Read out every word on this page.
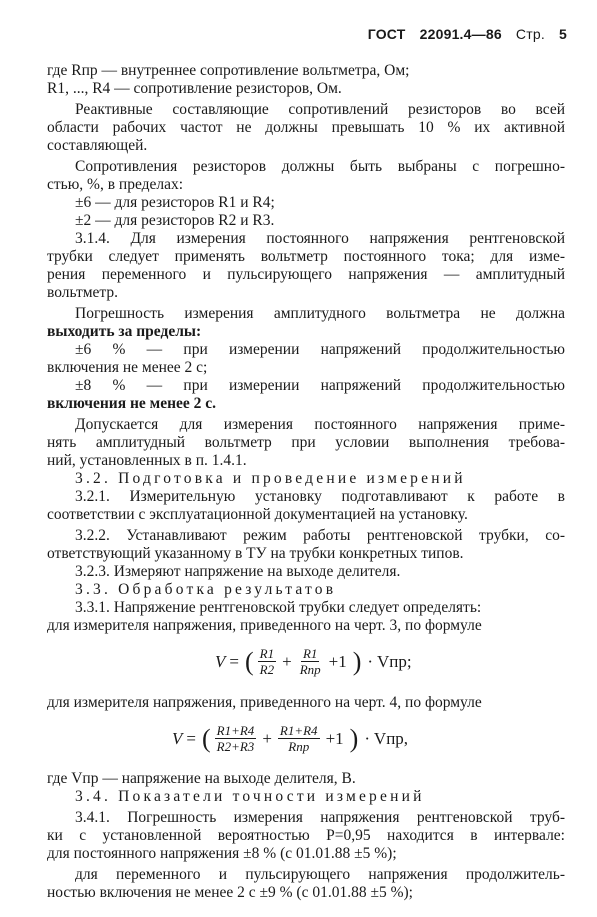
ГОСТ 22091.4—86 Стр. 5
где Rпр — внутреннее сопротивление вольтметра, Ом;
R1, ..., R4 — сопротивление резисторов, Ом.
Реактивные составляющие сопротивлений резисторов во всей
области рабочих частот не должны превышать 10 % их активной
составляющей.
Сопротивления резисторов должны быть выбраны с погрешно-
стью, %, в пределах:
±6 — для резисторов R1 и R4;
±2 — для резисторов R2 и R3.
3.1.4. Для измерения постоянного напряжения рентгеновской
трубки следует применять вольтметр постоянного тока; для изме-
рения переменного и пульсирующего напряжения — амплитудный
вольтметр.
Погрешность измерения амплитудного вольтметра не должна
выходить за пределы:
±6 % — при измерении напряжений продолжительностью
включения не менее 2 с;
±8 % — при измерении напряжений продолжительностью
включения не менее 2 с.
Допускается для измерения постоянного напряжения приме-
нять амплитудный вольтметр при условии выполнения требова-
ний, установленных в п. 1.4.1.
3.2. Подготовка и проведение измерений
3.2.1. Измерительную установку подготавливают к работе в
соответствии с эксплуатационной документацией на установку.
3.2.2. Устанавливают режим работы рентгеновской трубки, со-
ответствующий указанному в ТУ на трубки конкретных типов.
3.2.3. Измеряют напряжение на выходе делителя.
3.3. Обработка результатов
3.3.1. Напряжение рентгеновской трубки следует определять:
для измерителя напряжения, приведенного на черт. 3, по формуле
V = ( $\frac{R1}{R2} + \frac{R1}{\text{Rпр}} +1$ ) · Vпр;
для измерителя напряжения, приведенного на черт. 4, по формуле
V = ( $\frac{R1+R4}{R2+R3} + \frac{R1+R4}{\text{Rпр}} +1$ ) · Vпр,
где Vпр — напряжение на выходе делителя, В.
3.4. Показатели точности измерений
3.4.1. Погрешность измерения напряжения рентгеновской труб-
ки с установленной вероятностью P=0,95 находится в интервале:
для постоянного напряжения ±8 % (с 01.01.88 ±5 %);
для переменного и пульсирующего напряжения продолжитель-
ностью включения не менее 2 с ±9 % (с 01.01.88 ±5 %);
